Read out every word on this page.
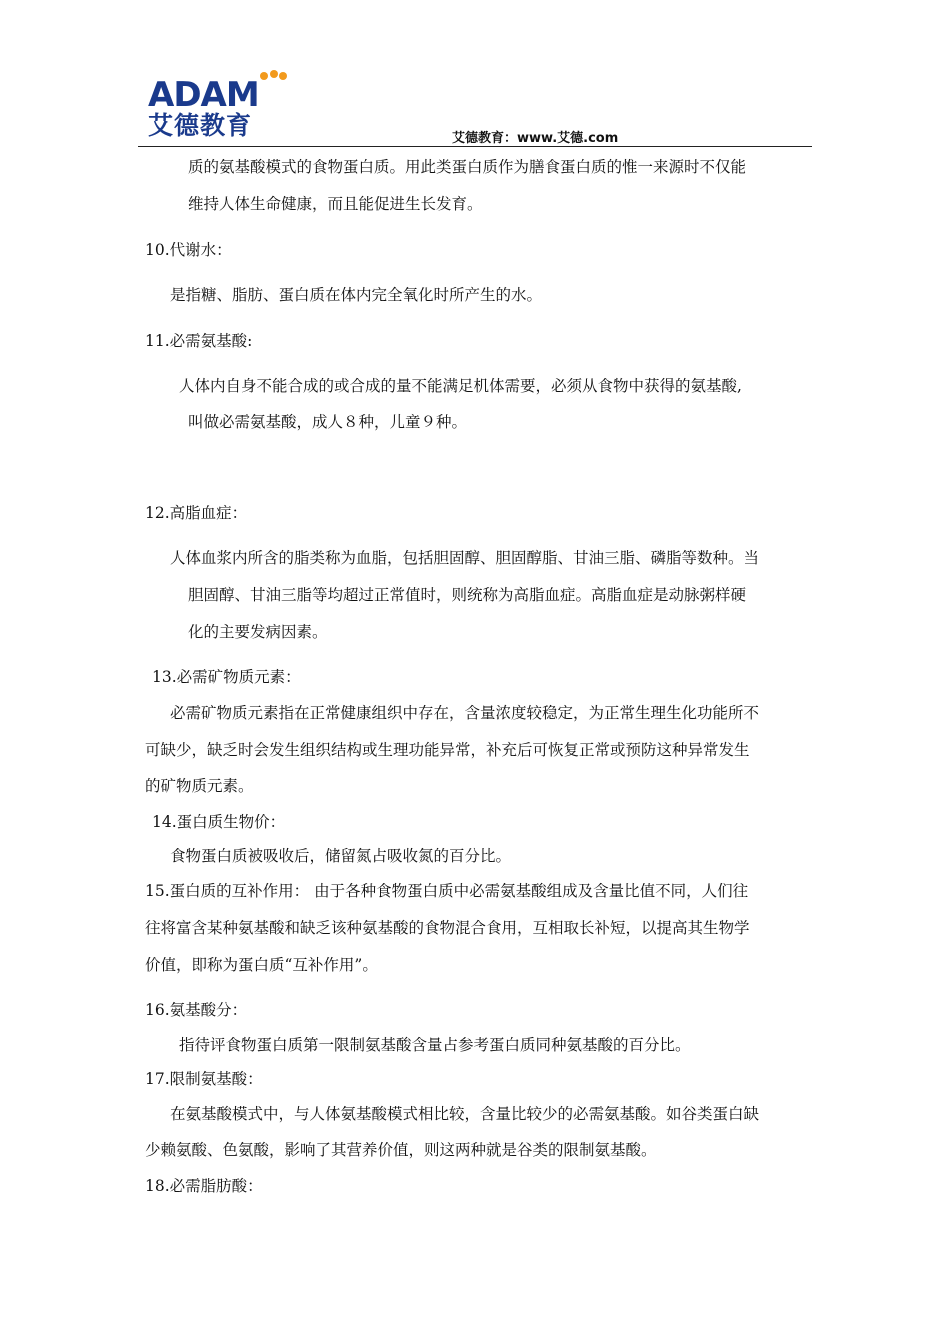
ADAM
艾德教育	艾德教育：www.艾德.com
质的氨基酸模式的食物蛋白质。用此类蛋白质作为膳食蛋白质的惟一来源时不仅能
维持人体生命健康，而且能促进生长发育。
10.代谢水：
是指糖、脂肪、蛋白质在体内完全氧化时所产生的水。
11.必需氨基酸:
人体内自身不能合成的或合成的量不能满足机体需要，必须从食物中获得的氨基酸,
叫做必需氨基酸，成人８种，儿童９种。
12.高脂血症：
人体血浆内所含的脂类称为血脂，包括胆固醇、胆固醇脂、甘油三脂、磷脂等数种。当
胆固醇、甘油三脂等均超过正常值时，则统称为高脂血症。高脂血症是动脉粥样硬
化的主要发病因素。
13.必需矿物质元素：
必需矿物质元素指在正常健康组织中存在，含量浓度较稳定，为正常生理生化功能所不
可缺少，缺乏时会发生组织结构或生理功能异常，补充后可恢复正常或预防这种异常发生
的矿物质元素。
14.蛋白质生物价：
食物蛋白质被吸收后，储留氮占吸收氮的百分比。
15.蛋白质的互补作用： 由于各种食物蛋白质中必需氨基酸组成及含量比值不同，人们往
往将富含某种氨基酸和缺乏该种氨基酸的食物混合食用，互相取长补短，以提高其生物学
价值，即称为蛋白质“互补作用”。
16.氨基酸分：
指待评食物蛋白质第一限制氨基酸含量占参考蛋白质同种氨基酸的百分比。
17.限制氨基酸：
在氨基酸模式中，与人体氨基酸模式相比较，含量比较少的必需氨基酸。如谷类蛋白缺
少赖氨酸、色氨酸，影响了其营养价值，则这两种就是谷类的限制氨基酸。
18.必需脂肪酸：
